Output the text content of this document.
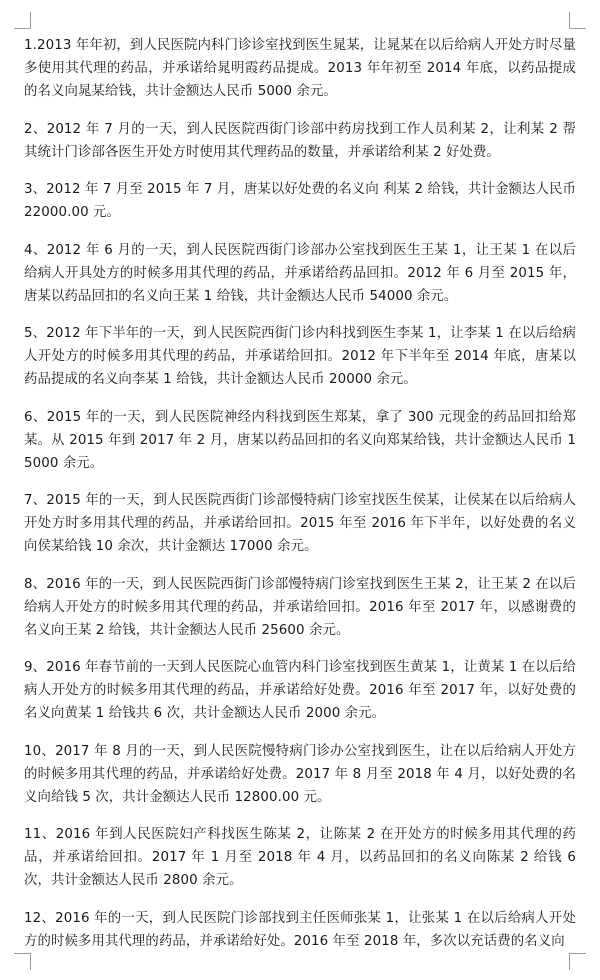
1.2013 年年初，到人民医院内科门诊诊室找到医生晁某，让晁某在以后给病人开处方时尽量多使用其代理的药品，并承诺给晁明霞药品提成。2013 年年初至 2014 年底，以药品提成的名义向晁某给钱，共计金额达人民币 5000 余元。

2、2012 年 7 月的一天，到人民医院西街门诊部中药房找到工作人员利某 2，让利某 2 帮其统计门诊部各医生开处方时使用其代理药品的数量，并承诺给利某 2 好处费。

3、2012 年 7 月至 2015 年 7 月，唐某以好处费的名义向 利某 2 给钱，共计金额达人民币 22000.00 元。

4、2012 年 6 月的一天，到人民医院西街门诊部办公室找到医生王某 1，让王某 1 在以后给病人开具处方的时候多用其代理的药品，并承诺给药品回扣。2012 年 6 月至 2015 年，唐某以药品回扣的名义向王某 1 给钱，共计金额达人民币 54000 余元。

5、2012 年下半年的一天，到人民医院西街门诊内科找到医生李某 1，让李某 1 在以后给病人开处方的时候多用其代理的药品，并承诺给回扣。2012 年下半年至 2014 年底，唐某以药品提成的名义向李某 1 给钱，共计金额达人民币 20000 余元。

6、2015 年的一天，到人民医院神经内科找到医生郑某，拿了 300 元现金的药品回扣给郑某。从 2015 年到 2017 年 2 月，唐某以药品回扣的名义向郑某给钱，共计金额达人民币 15000 余元。

7、2015 年的一天，到人民医院西街门诊部慢特病门诊室找医生侯某，让侯某在以后给病人开处方时多用其代理的药品，并承诺给回扣。2015 年至 2016 年下半年，以好处费的名义向侯某给钱 10 余次，共计金额达 17000 余元。

8、2016 年的一天，到人民医院西街门诊部慢特病门诊室找到医生王某 2，让王某 2 在以后给病人开处方的时候多用其代理的药品，并承诺给回扣。2016 年至 2017 年，以感谢费的名义向王某 2 给钱，共计金额达人民币 25600 余元。

9、2016 年春节前的一天到人民医院心血管内科门诊室找到医生黄某 1，让黄某 1 在以后给病人开处方的时候多用其代理的药品，并承诺给好处费。2016 年至 2017 年，以好处费的名义向黄某 1 给钱共 6 次，共计金额达人民币 2000 余元。

10、2017 年 8 月的一天，到人民医院慢特病门诊办公室找到医生，让在以后给病人开处方的时候多用其代理的药品，并承诺给好处费。2017 年 8 月至 2018 年 4 月，以好处费的名义向给钱 5 次，共计金额达人民币 12800.00 元。

11、2016 年到人民医院妇产科找医生陈某 2，让陈某 2 在开处方的时候多用其代理的药品，并承诺给回扣。2017 年 1 月至 2018 年 4 月，以药品回扣的名义向陈某 2 给钱 6 次，共计金额达人民币 2800 余元。

12、2016 年的一天，到人民医院门诊部找到主任医师张某 1，让张某 1 在以后给病人开处方的时候多用其代理的药品，并承诺给好处。2016 年至 2018 年，多次以充话费的名义向
